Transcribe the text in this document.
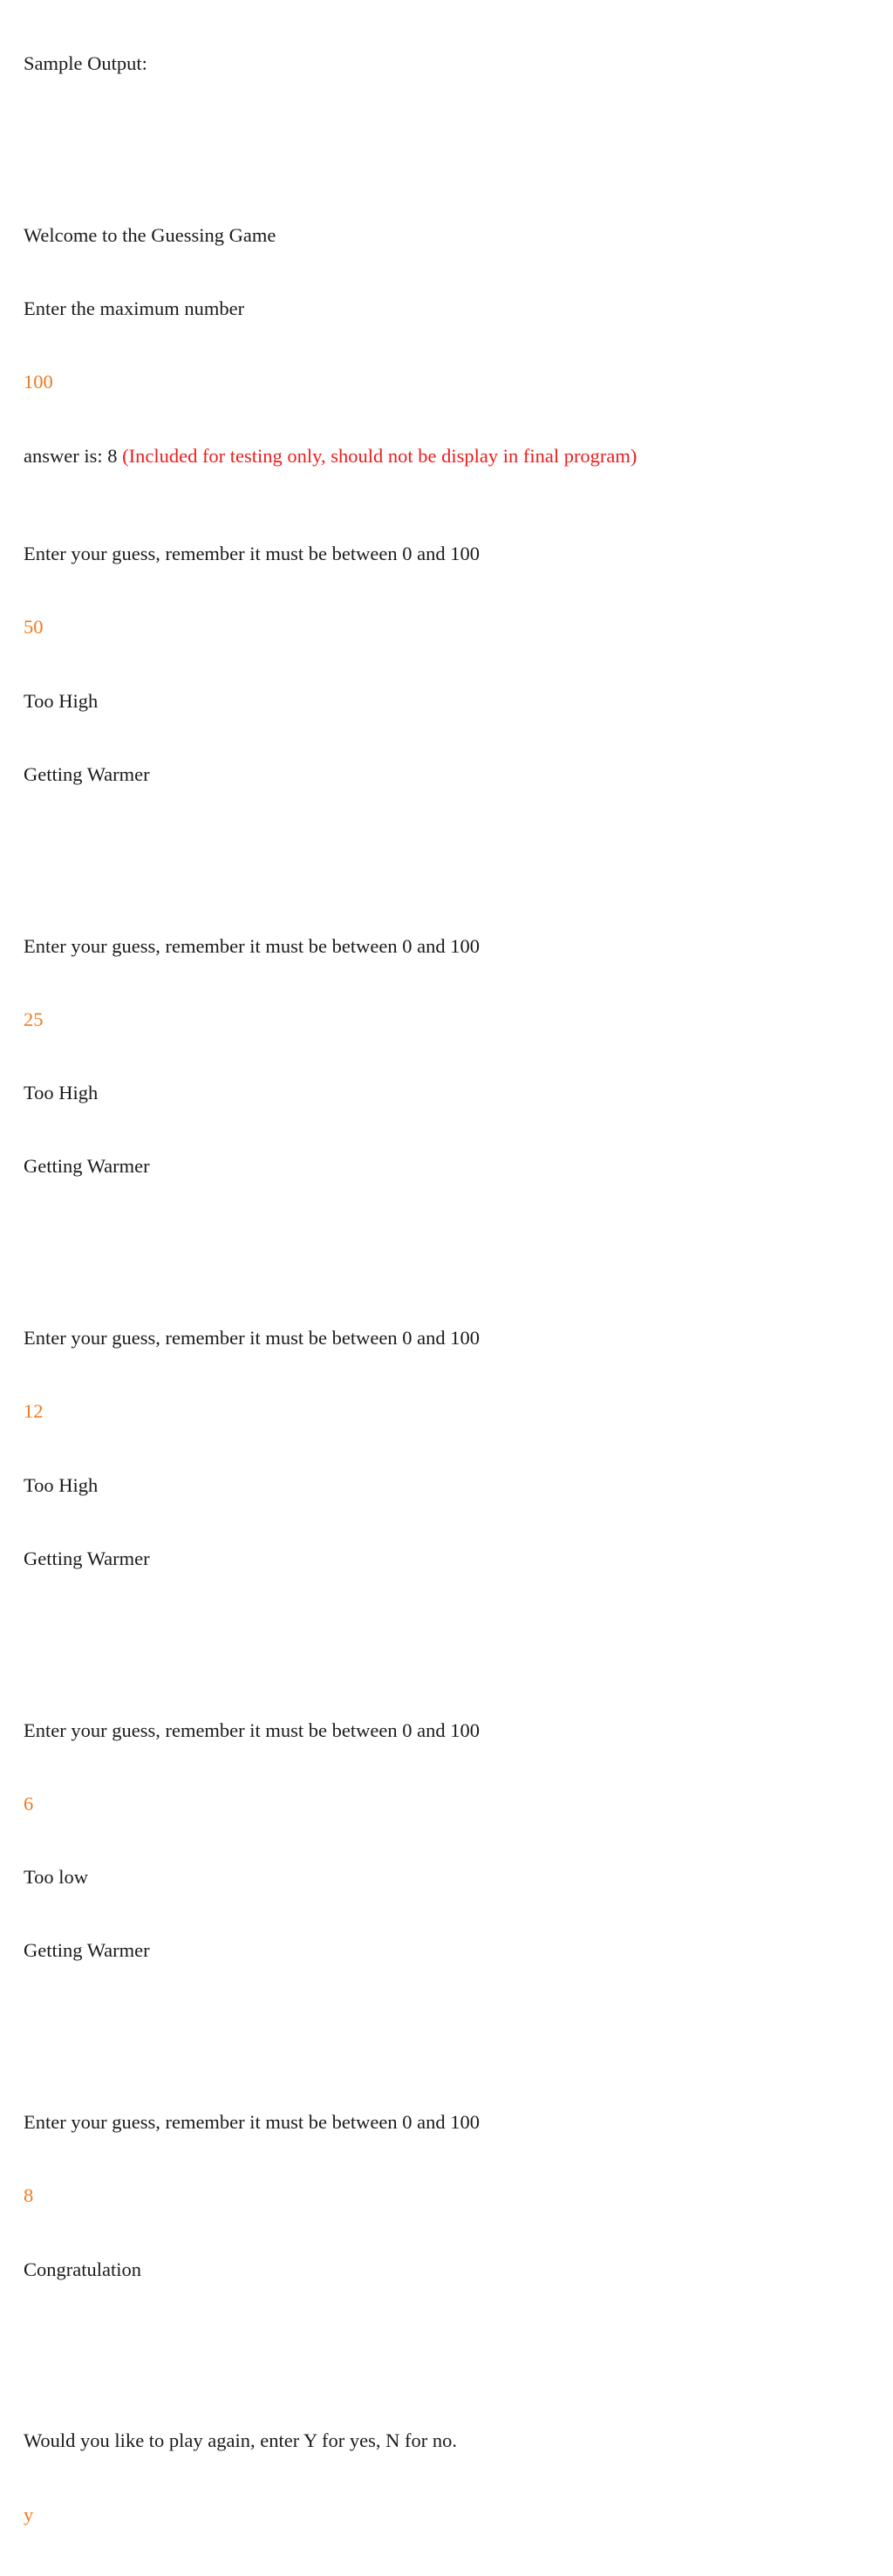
Sample Output:

Welcome to the Guessing Game

Enter the maximum number

100

answer is: 8 (Included for testing only, should not be display in final program)

Enter your guess, remember it must be between 0 and 100

50

Too High

Getting Warmer

Enter your guess, remember it must be between 0 and 100

25

Too High

Getting Warmer

Enter your guess, remember it must be between 0 and 100

12

Too High

Getting Warmer

Enter your guess, remember it must be between 0 and 100

6

Too low

Getting Warmer

Enter your guess, remember it must be between 0 and 100

8

Congratulation

Would you like to play again, enter Y for yes, N for no.

y
